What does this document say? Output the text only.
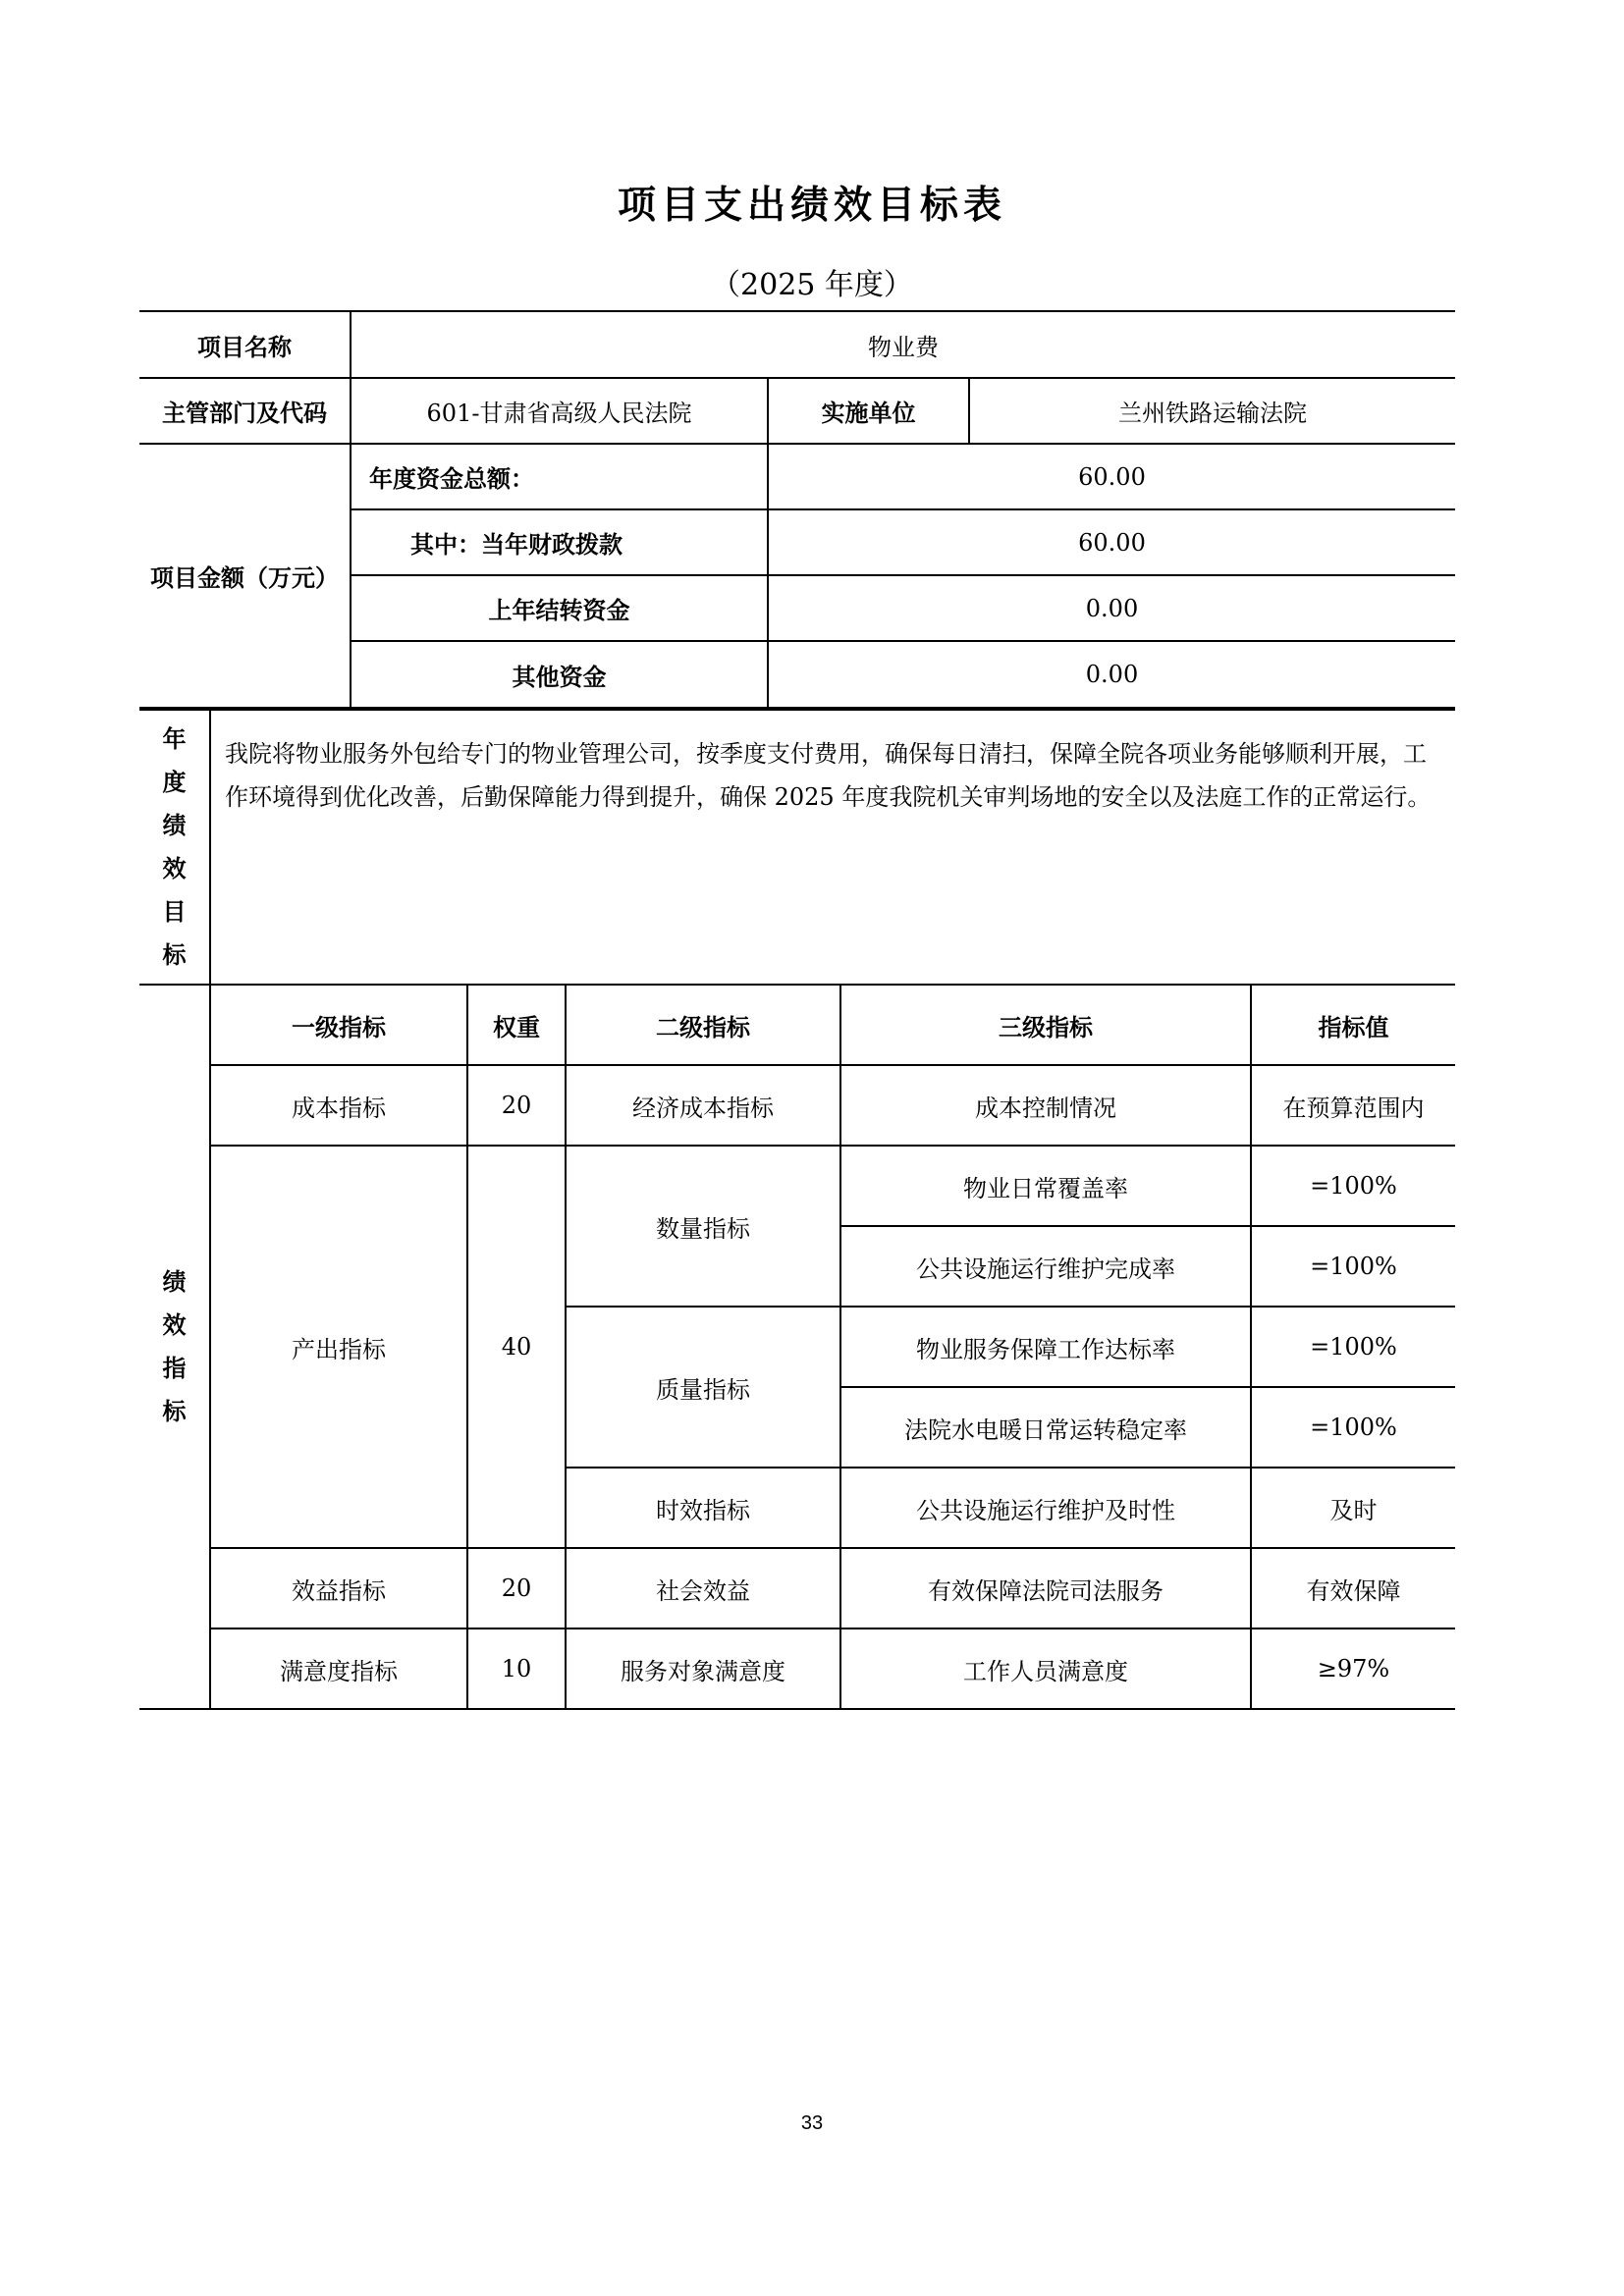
项目支出绩效目标表
（2025 年度）
项目名称	物业费		
主管部门及代码	601-甘肃省高级人民法院	实施单位	兰州铁路运输法院
项目金额（万元）	年度资金总额：	60.00	
	其中：当年财政拨款	60.00	
	上年结转资金	0.00	
	其他资金	0.00	
年
度
绩
效
目
标
	我院将物业服务外包给专门的物业管理公司，按季度支付费用，确保每日清扫，保障全院各项业务能够顺利开展，工作环境得到优化改善，后勤保障能力得到提升，确保 2025 年度我院机关审判场地的安全以及法庭工作的正常运行。
绩
效
指
标	一级指标	权重	二级指标	三级指标	指标值
	成本指标	20	经济成本指标	成本控制情况	在预算范围内
	产出指标	40	数量指标	物业日常覆盖率	=100%
				公共设施运行维护完成率	=100%
			质量指标	物业服务保障工作达标率	=100%
				法院水电暖日常运转稳定率	=100%
			时效指标	公共设施运行维护及时性	及时
	效益指标	20	社会效益	有效保障法院司法服务	有效保障
	满意度指标	10	服务对象满意度	工作人员满意度	≥97%
33
